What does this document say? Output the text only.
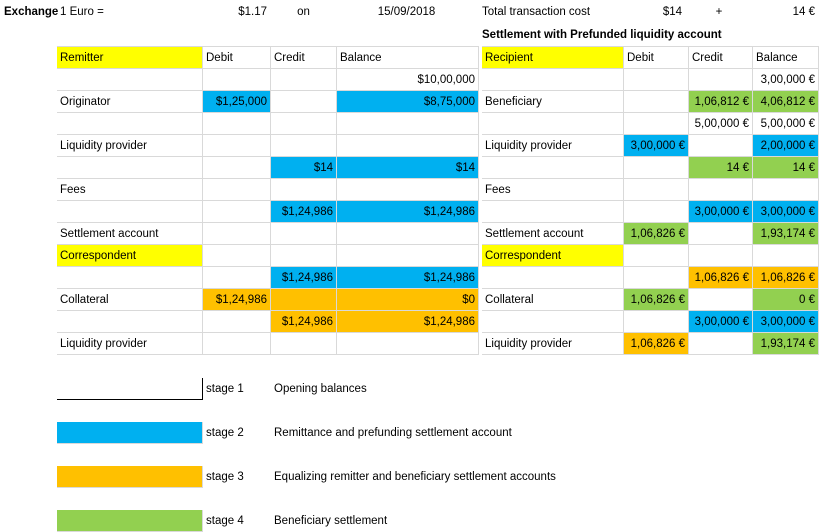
Exchange	1 Euro =	$1.17	on	15/09/2018		Total transaction cost	$14	+	14 €
					Settlement with Prefunded liquidity account
	Remitter	Debit	Credit	Balance		Recipient	Debit	Credit	Balance
				$10,00,000					3,00,000 €
	Originator	$1,25,000		$8,75,000		Beneficiary		1,06,812 €	4,06,812 €
								5,00,000 €	5,00,000 €
	Liquidity provider					Liquidity provider	3,00,000 €		2,00,000 €
			$14	$14				14 €	14 €
	Fees					Fees			
			$1,24,986	$1,24,986				3,00,000 €	3,00,000 €
	Settlement account					Settlement account	1,06,826 €		1,93,174 €
	Correspondent					Correspondent			
			$1,24,986	$1,24,986				1,06,826 €	1,06,826 €
	Collateral	$1,24,986		$0		Collateral	1,06,826 €		0 €
			$1,24,986	$1,24,986				3,00,000 €	3,00,000 €
	Liquidity provider					Liquidity provider	1,06,826 €		1,93,174 €

		stage 1	Opening balances

		stage 2	Remittance and prefunding settlement account

		stage 3	Equalizing remitter and beneficiary settlement accounts

		stage 4	Beneficiary settlement
